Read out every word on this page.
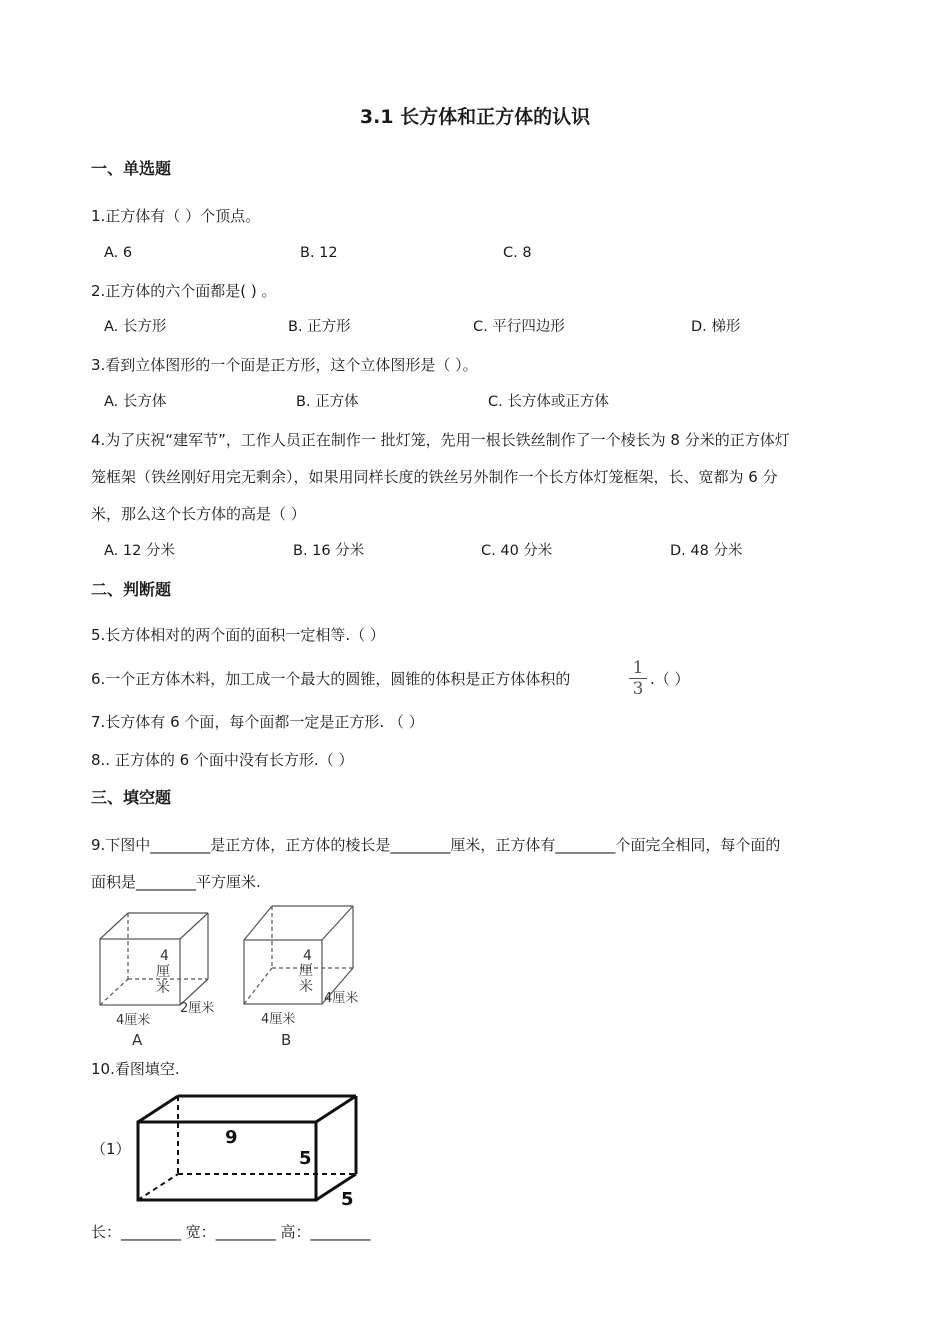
3.1 长方体和正方体的认识
一、单选题
1.正方体有（ ）个顶点。
A. 6	B. 12	C. 8
2.正方体的六个面都是( ) 。
A. 长方形	B. 正方形	C. 平行四边形	D. 梯形
3.看到立体图形的一个面是正方形，这个立体图形是（ ）。
A. 长方体	B. 正方体	C. 长方体或正方体
4.为了庆祝“建军节”，工作人员正在制作一 批灯笼，先用一根长铁丝制作了一个棱长为 8 分米的正方体灯
笼框架（铁丝刚好用完无剩余），如果用同样长度的铁丝另外制作一个长方体灯笼框架，长、宽都为 6 分
米，那么这个长方体的高是（ ）
A. 12 分米	B. 16 分米	C. 40 分米	D. 48 分米
二、判断题
5.长方体相对的两个面的面积一定相等.（ ）
6.一个正方体木料，加工成一个最大的圆锥，圆锥的体积是正方体体积的
1
3 .（ ）
7.长方体有 6 个面，每个面都一定是正方形. （ ）
8.. 正方体的 6 个面中没有长方形.（ ）
三、填空题
9.下图中________是正方体，正方体的棱长是________厘米，正方体有________个面完全相同，每个面的
面积是________平方厘米.
4
厘
米
2厘米
4厘米
A
4
厘
米
4厘米
4厘米
B
10.看图填空.
（1）
9
5
5
长：________ 宽：________ 高：________
